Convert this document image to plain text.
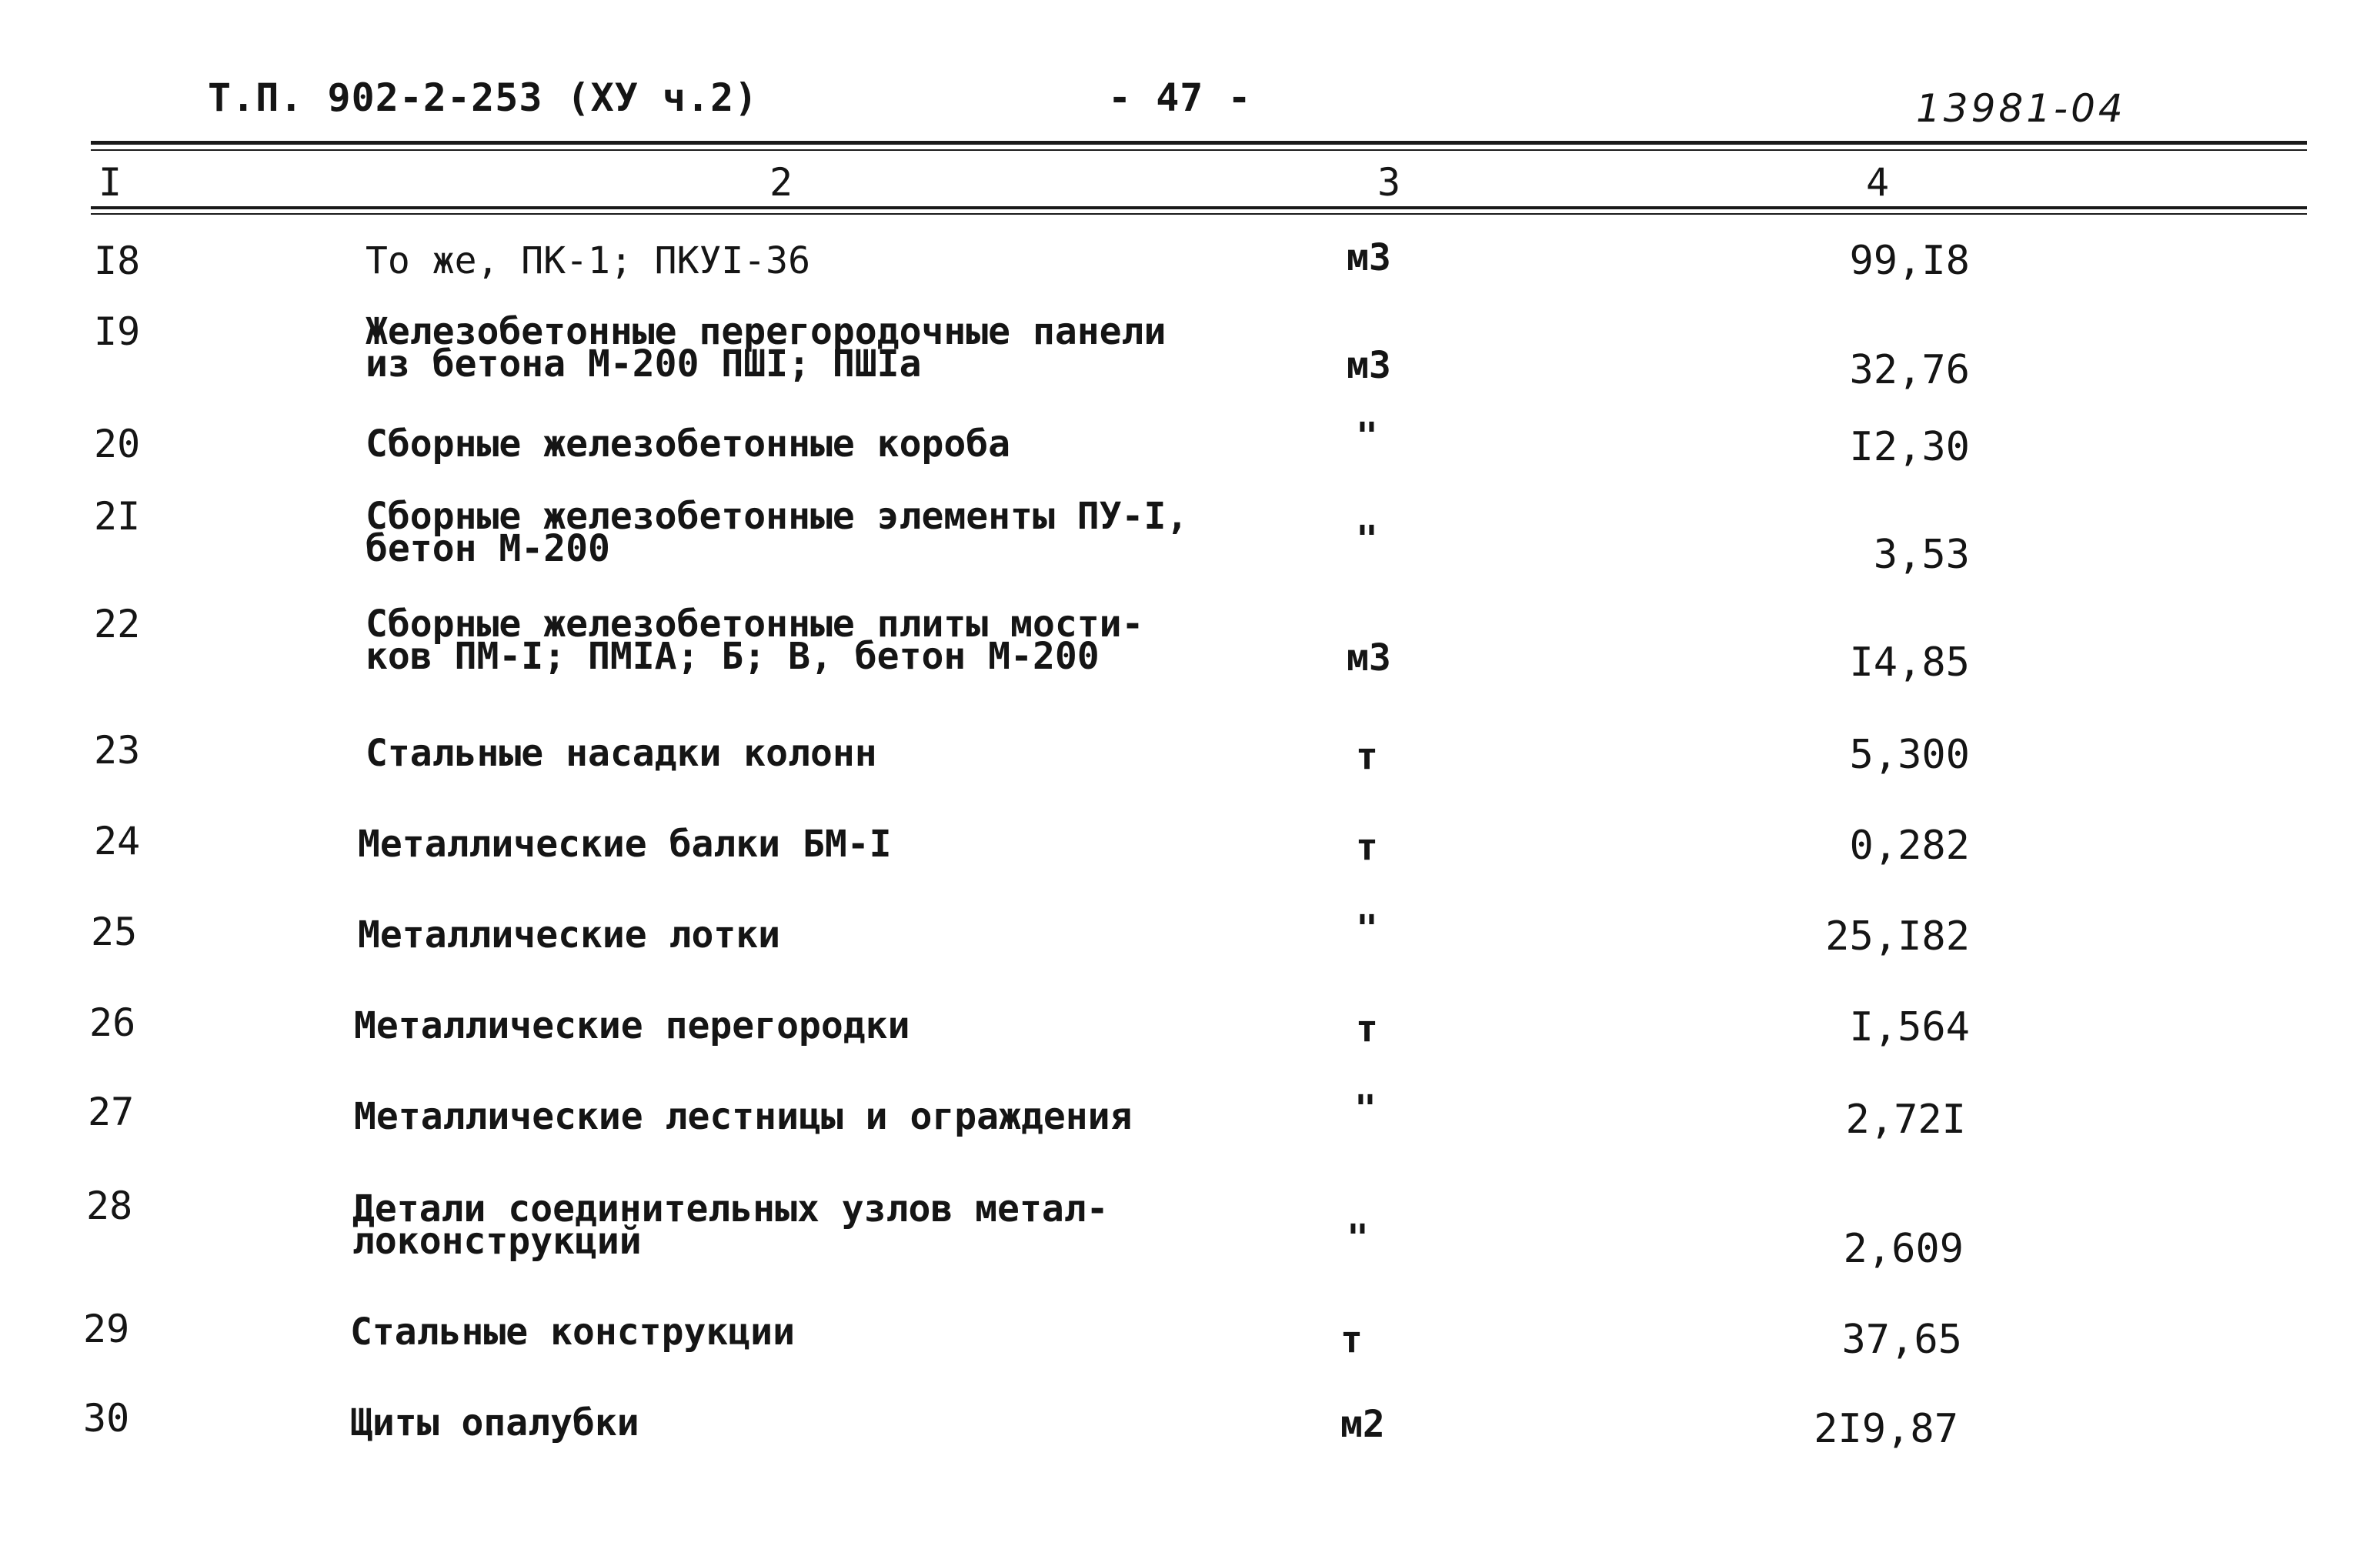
Т.П. 902-2-253 (ХУ ч.2)	- 47 -	13981-04
I	2	3	4
I8	То же, ПК-1; ПКУI-36	м3	99,I8
I9	Железобетонные перегородочные панели
из бетона М-200 ПШI; ПШIа	м3	32,76
20	Сборные железобетонные короба	"	I2,30
2I	Сборные железобетонные элементы ПУ-I,
бетон М-200	"	3,53
22	Сборные железобетонные плиты мости-
ков ПМ-I; ПМIА; Б; В, бетон М-200	м3	I4,85
23	Стальные насадки колонн	т	5,300
24	Металлические балки БМ-I	т	0,282
25	Металлические лотки	"	25,I82
26	Металлические перегородки	т	I,564
27	Металлические лестницы и ограждения	"	2,72I
28	Детали соединительных узлов метал-
локонструкций	"	2,609
29	Стальные конструкции	т	37,65
30	Щиты опалубки	м2	2I9,87
